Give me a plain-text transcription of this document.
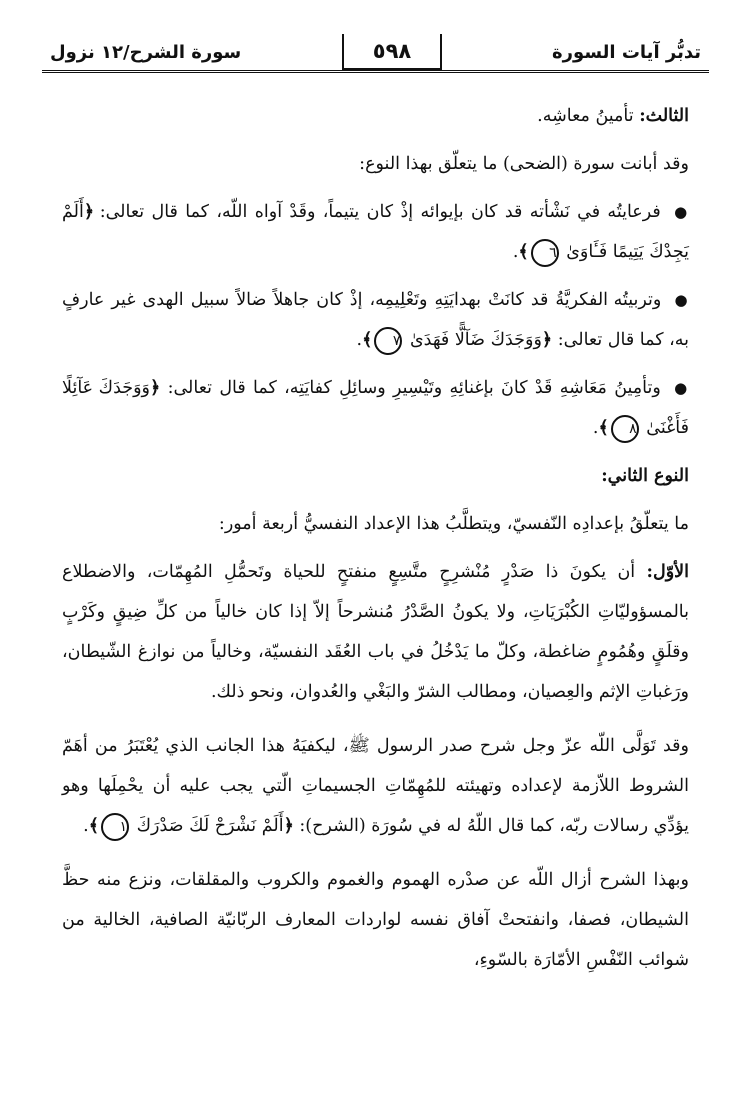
تدبُّر آيات السورة
٥٩٨
سورة الشرح/١٢ نزول

الثالث: تأمينُ معاشِه.

وقد أبانت سورة (الضحى) ما يتعلّق بهذا النوع:

● فرعايتُه في نَشْأته قد كان بإيوائه إذْ كان يتيماً، وقَدْ آواه اللّه، كما قال تعالى: ﴿أَلَمْ يَجِدْكَ يَتِيمًا فَـَٔاوَىٰ ٦﴾.

● وتربيتُه الفكريَّةُ قد كانَتْ بهدايَتِهِ وتَعْلِيمِه، إذْ كان جاهلاً ضالاً سبيل الهدى غير عارفٍ به، كما قال تعالى: ﴿وَوَجَدَكَ ضَآلًّا فَهَدَىٰ ٧﴾.

● وتأمِينُ مَعَاشِهِ قَدْ كانَ بإغنائِهِ وتَيْسِيرِ وسائِلِ كفايَتِه، كما قال تعالى: ﴿وَوَجَدَكَ عَآئِلًا فَأَغْنَىٰ ٨﴾.

النوع الثاني:

ما يتعلّقُ بإعدادِه النّفسيّ، ويتطلَّبُ هذا الإعداد النفسيُّ أربعة أمور:

الأوّل: أن يكونَ ذا صَدْرٍ مُنْشرِحٍ متَّسِعٍ منفتحٍ للحياة وتَحمُّلِ المُهِمّات، والاضطلاع بالمسؤوليّاتِ الكُبْرَيَاتِ، ولا يكونُ الصَّدْرُ مُنشرحاً إلاّ إذا كان خالياً من كلِّ ضِيقٍ وكَرْبٍ وقلَقٍ وهُمُومٍ ضاغطة، وكلّ ما يَدْخُلُ في باب العُقَد النفسيّة، وخالياً من نوازغ الشّيطان، ورَغباتِ الإثم والعِصيان، ومطالب الشرّ والبَغْي والعُدوان، ونحو ذلك.

وقد تَوَلَّى اللّه عزّ وجل شرح صدر الرسول ﷺ، ليكفيَهُ هذا الجانب الذي يُعْتَبَرُ من أهَمّ الشروط اللاّزمة لإعداده وتهيئته للمُهِمّاتِ الجسيماتِ الّتي يجب عليه أن يحْمِلَها وهو يؤدِّي رسالات ربّه، كما قال اللّهُ له في سُورَة (الشرح): ﴿أَلَمْ نَشْرَحْ لَكَ صَدْرَكَ ١﴾.

وبهذا الشرح أزال اللّه عن صدْره الهموم والغموم والكروب والمقلقات، ونزع منه حظَّ الشيطان، فصفا، وانفتحتْ آفاق نفسه لواردات المعارف الربّانيّة الصافية، الخالية من شوائب النّفْسِ الأمّارَة بالسّوءِ،
